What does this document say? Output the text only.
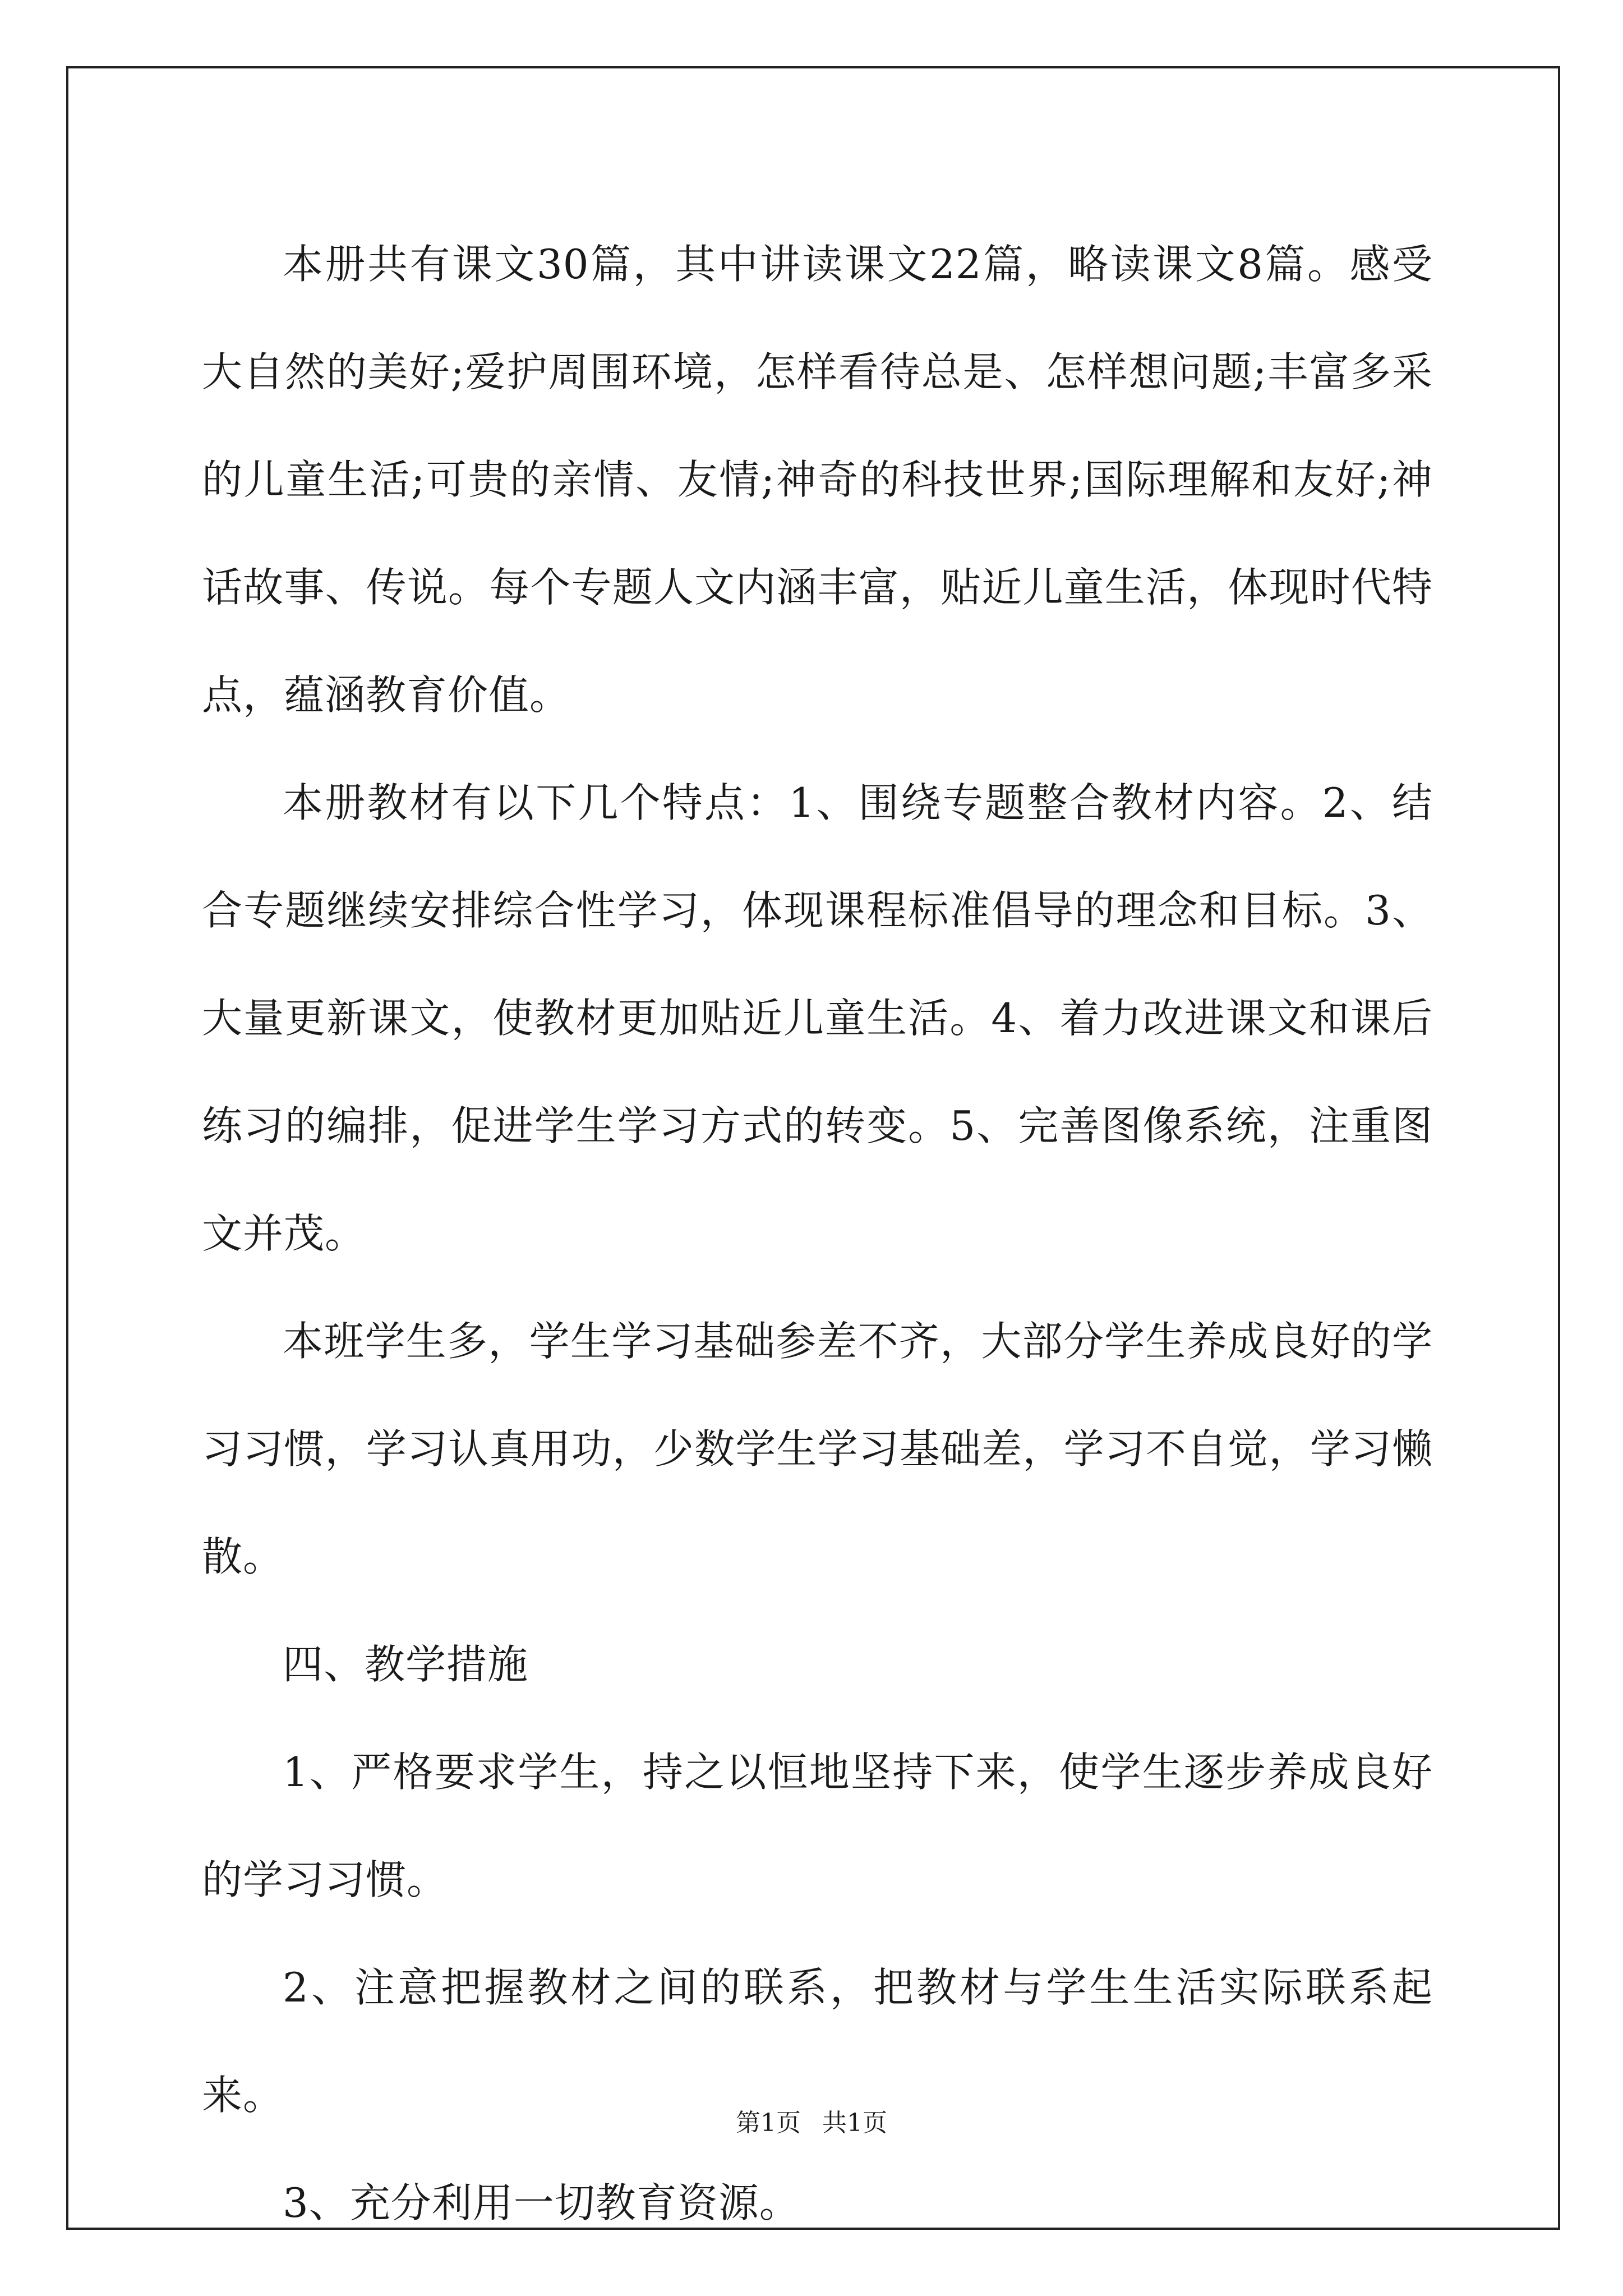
本册共有课文30篇，其中讲读课文22篇，略读课文8篇。感受大自然的美好;爱护周围环境，怎样看待总是、怎样想问题;丰富多采的儿童生活;可贵的亲情、友情;神奇的科技世界;国际理解和友好;神话故事、传说。每个专题人文内涵丰富，贴近儿童生活，体现时代特点，蕴涵教育价值。

本册教材有以下几个特点：1、围绕专题整合教材内容。2、结合专题继续安排综合性学习，体现课程标准倡导的理念和目标。3、大量更新课文，使教材更加贴近儿童生活。4、着力改进课文和课后练习的编排，促进学生学习方式的转变。5、完善图像系统，注重图文并茂。

本班学生多，学生学习基础参差不齐，大部分学生养成良好的学习习惯，学习认真用功，少数学生学习基础差，学习不自觉，学习懒散。

四、教学措施

1、严格要求学生，持之以恒地坚持下来，使学生逐步养成良好的学习习惯。

2、注意把握教材之间的联系，把教材与学生生活实际联系起来。

3、充分利用一切教育资源。

第1页 共1页
